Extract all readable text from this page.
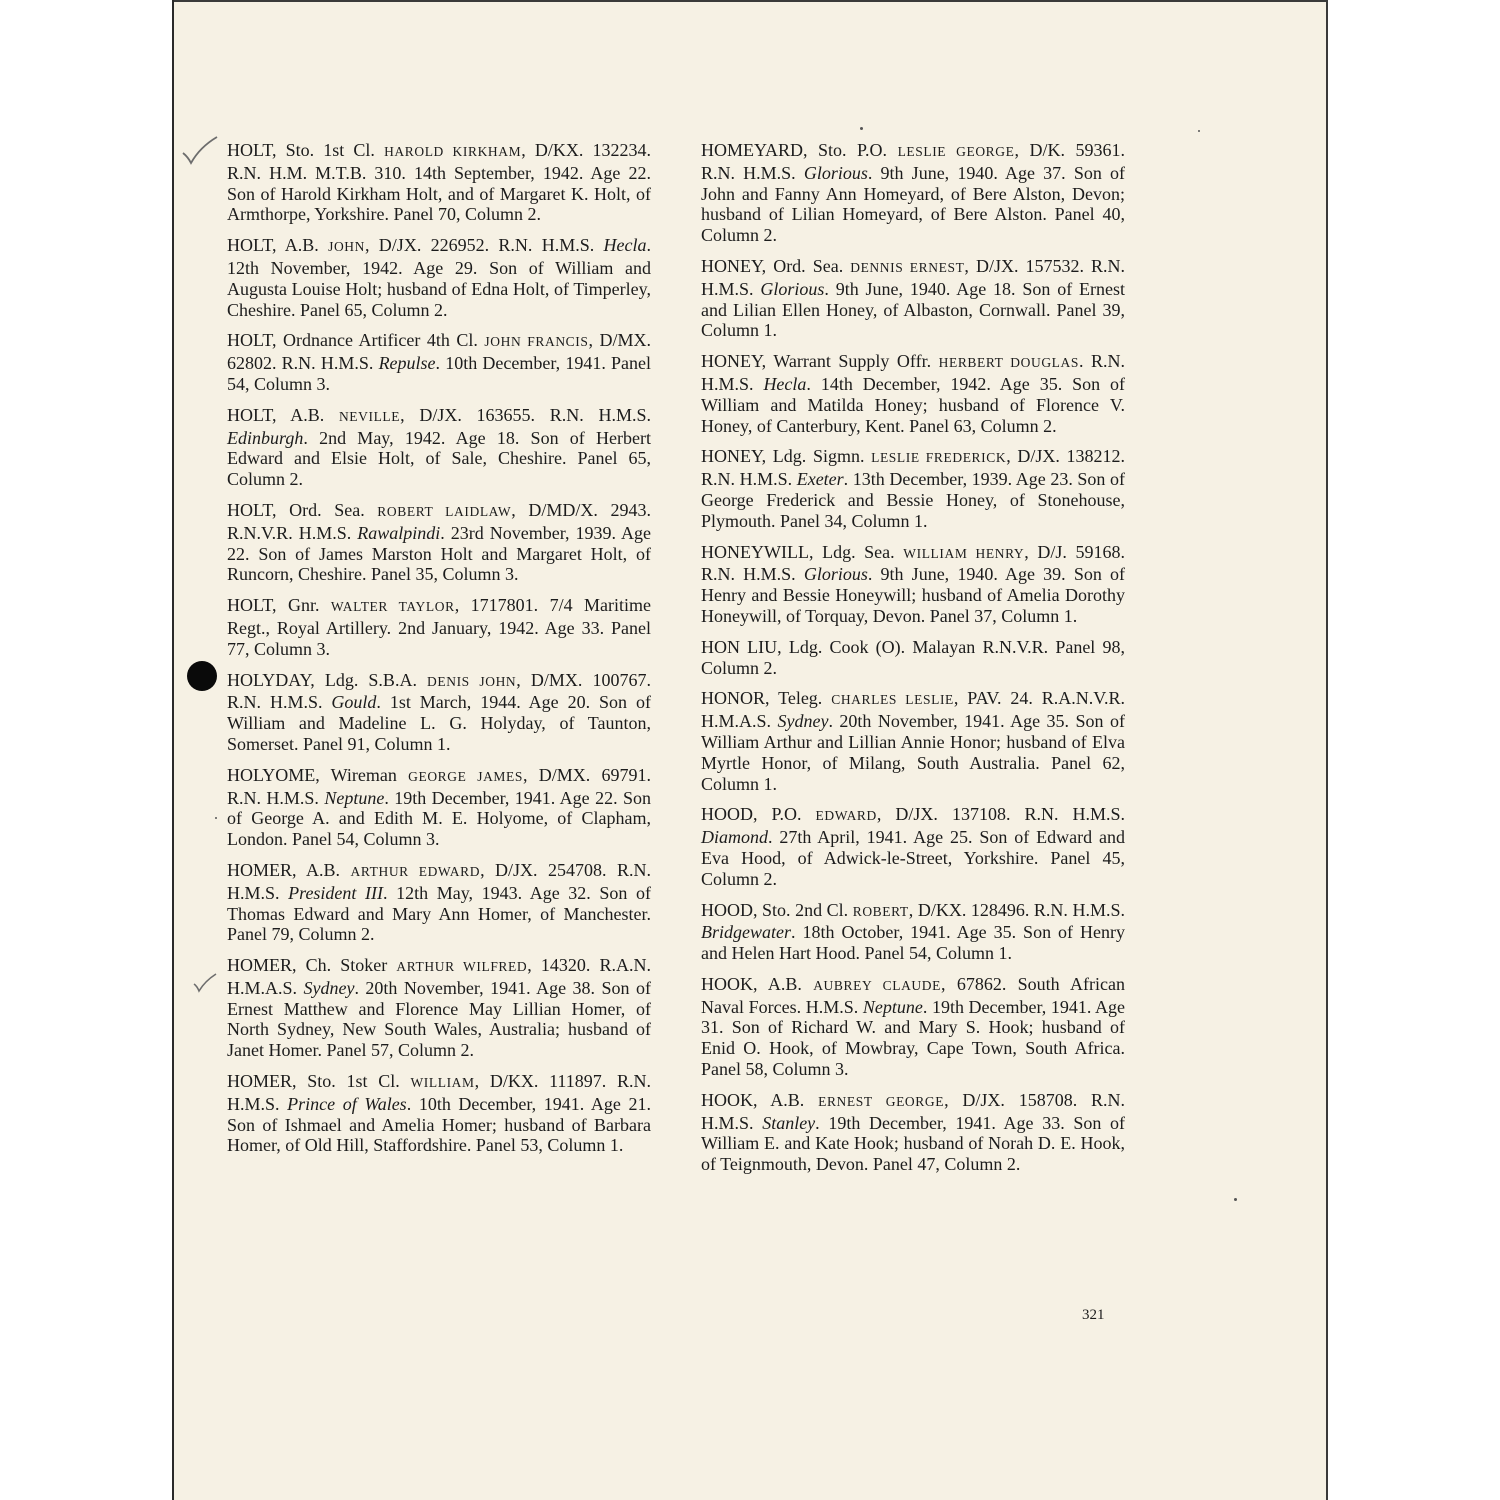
HOLT, Sto. 1st Cl. HAROLD KIRKHAM, D/KX. 132234. R.N. H.M. M.T.B. 310. 14th September, 1942. Age 22. Son of Harold Kirkham Holt, and of Margaret K. Holt, of Armthorpe, Yorkshire. Panel 70, Column 2.

HOLT, A.B. JOHN, D/JX. 226952. R.N. H.M.S. Hecla. 12th November, 1942. Age 29. Son of William and Augusta Louise Holt; husband of Edna Holt, of Timperley, Cheshire. Panel 65, Column 2.

HOLT, Ordnance Artificer 4th Cl. JOHN FRANCIS, D/MX. 62802. R.N. H.M.S. Repulse. 10th December, 1941. Panel 54, Column 3.

HOLT, A.B. NEVILLE, D/JX. 163655. R.N. H.M.S. Edinburgh. 2nd May, 1942. Age 18. Son of Herbert Edward and Elsie Holt, of Sale, Cheshire. Panel 65, Column 2.

HOLT, Ord. Sea. ROBERT LAIDLAW, D/MD/X. 2943. R.N.V.R. H.M.S. Rawalpindi. 23rd November, 1939. Age 22. Son of James Marston Holt and Margaret Holt, of Runcorn, Cheshire. Panel 35, Column 3.

HOLT, Gnr. WALTER TAYLOR, 1717801. 7/4 Maritime Regt., Royal Artillery. 2nd January, 1942. Age 33. Panel 77, Column 3.

HOLYDAY, Ldg. S.B.A. DENIS JOHN, D/MX. 100767. R.N. H.M.S. Gould. 1st March, 1944. Age 20. Son of William and Madeline L. G. Holyday, of Taunton, Somerset. Panel 91, Column 1.

HOLYOME, Wireman GEORGE JAMES, D/MX. 69791. R.N. H.M.S. Neptune. 19th December, 1941. Age 22. Son of George A. and Edith M. E. Holyome, of Clapham, London. Panel 54, Column 3.

HOMER, A.B. ARTHUR EDWARD, D/JX. 254708. R.N. H.M.S. President III. 12th May, 1943. Age 32. Son of Thomas Edward and Mary Ann Homer, of Manchester. Panel 79, Column 2.

HOMER, Ch. Stoker ARTHUR WILFRED, 14320. R.A.N. H.M.A.S. Sydney. 20th November, 1941. Age 38. Son of Ernest Matthew and Florence May Lillian Homer, of North Sydney, New South Wales, Australia; husband of Janet Homer. Panel 57, Column 2.

HOMER, Sto. 1st Cl. WILLIAM, D/KX. 111897. R.N. H.M.S. Prince of Wales. 10th December, 1941. Age 21. Son of Ishmael and Amelia Homer; husband of Barbara Homer, of Old Hill, Staffordshire. Panel 53, Column 1.

HOMEYARD, Sto. P.O. LESLIE GEORGE, D/K. 59361. R.N. H.M.S. Glorious. 9th June, 1940. Age 37. Son of John and Fanny Ann Homeyard, of Bere Alston, Devon; husband of Lilian Homeyard, of Bere Alston. Panel 40, Column 2.

HONEY, Ord. Sea. DENNIS ERNEST, D/JX. 157532. R.N. H.M.S. Glorious. 9th June, 1940. Age 18. Son of Ernest and Lilian Ellen Honey, of Albaston, Cornwall. Panel 39, Column 1.

HONEY, Warrant Supply Offr. HERBERT DOUGLAS. R.N. H.M.S. Hecla. 14th December, 1942. Age 35. Son of William and Matilda Honey; husband of Florence V. Honey, of Canterbury, Kent. Panel 63, Column 2.

HONEY, Ldg. Sigmn. LESLIE FREDERICK, D/JX. 138212. R.N. H.M.S. Exeter. 13th December, 1939. Age 23. Son of George Frederick and Bessie Honey, of Stonehouse, Plymouth. Panel 34, Column 1.

HONEYWILL, Ldg. Sea. WILLIAM HENRY, D/J. 59168. R.N. H.M.S. Glorious. 9th June, 1940. Age 39. Son of Henry and Bessie Honeywill; husband of Amelia Dorothy Honeywill, of Torquay, Devon. Panel 37, Column 1.

HON LIU, Ldg. Cook (O). Malayan R.N.V.R. Panel 98, Column 2.

HONOR, Teleg. CHARLES LESLIE, PAV. 24. R.A.N.V.R. H.M.A.S. Sydney. 20th November, 1941. Age 35. Son of William Arthur and Lillian Annie Honor; husband of Elva Myrtle Honor, of Milang, South Australia. Panel 62, Column 1.

HOOD, P.O. EDWARD, D/JX. 137108. R.N. H.M.S. Diamond. 27th April, 1941. Age 25. Son of Edward and Eva Hood, of Adwick-le-Street, Yorkshire. Panel 45, Column 2.

HOOD, Sto. 2nd Cl. ROBERT, D/KX. 128496. R.N. H.M.S. Bridgewater. 18th October, 1941. Age 35. Son of Henry and Helen Hart Hood. Panel 54, Column 1.

HOOK, A.B. AUBREY CLAUDE, 67862. South African Naval Forces. H.M.S. Neptune. 19th December, 1941. Age 31. Son of Richard W. and Mary S. Hook; husband of Enid O. Hook, of Mowbray, Cape Town, South Africa. Panel 58, Column 3.

HOOK, A.B. ERNEST GEORGE, D/JX. 158708. R.N. H.M.S. Stanley. 19th December, 1941. Age 33. Son of William E. and Kate Hook; husband of Norah D. E. Hook, of Teignmouth, Devon. Panel 47, Column 2.

321
